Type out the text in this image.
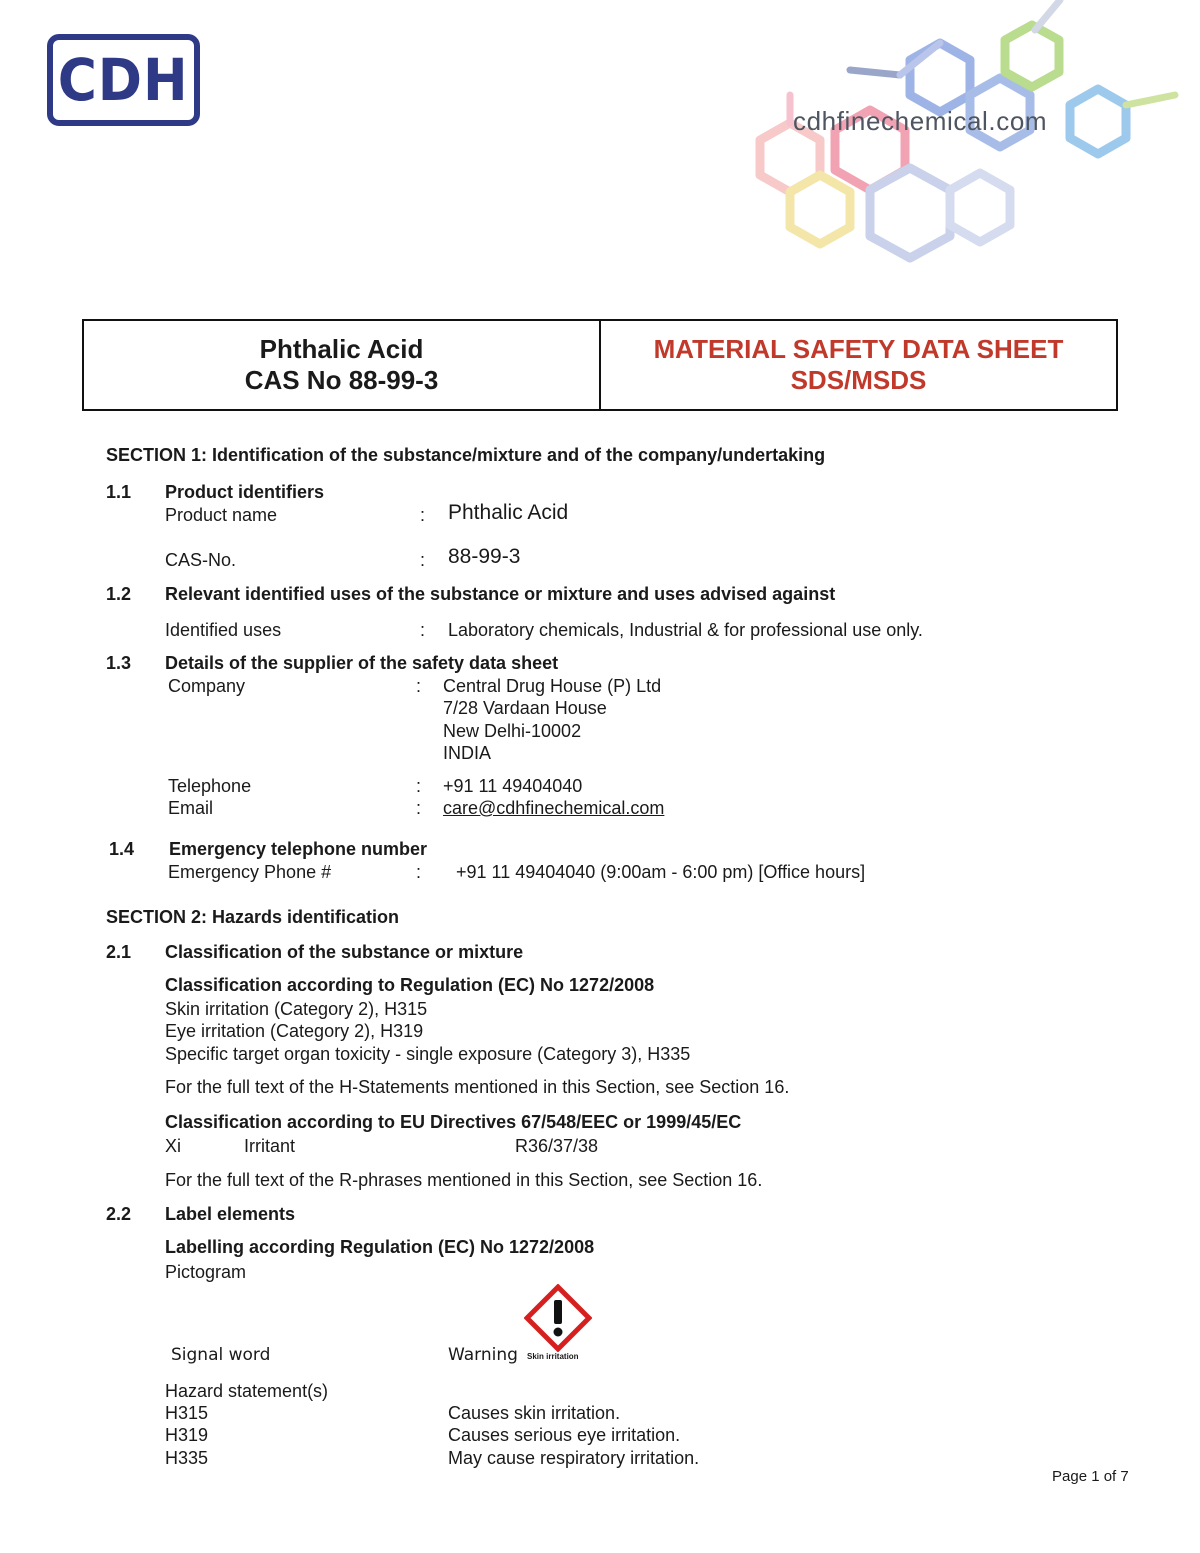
CDH
cdhfinechemical.com
Phthalic Acid
CAS No 88-99-3
MATERIAL SAFETY DATA SHEET
SDS/MSDS
SECTION 1: Identification of the substance/mixture and of the company/undertaking
1.1 Product identifiers
Product name	: Phthalic Acid
CAS-No.	: 88-99-3
1.2 Relevant identified uses of the substance or mixture and uses advised against
Identified uses	: Laboratory chemicals, Industrial & for professional use only.
1.3 Details of the supplier of the safety data sheet
Company	: Central Drug House (P) Ltd
7/28 Vardaan House
New Delhi-10002
INDIA
Telephone	: +91 11 49404040
Email	: care@cdhfinechemical.com
1.4 Emergency telephone number
Emergency Phone #	: +91 11 49404040 (9:00am - 6:00 pm) [Office hours]
SECTION 2: Hazards identification
2.1 Classification of the substance or mixture
Classification according to Regulation (EC) No 1272/2008
Skin irritation (Category 2), H315
Eye irritation (Category 2), H319
Specific target organ toxicity - single exposure (Category 3), H335
For the full text of the H-Statements mentioned in this Section, see Section 16.
Classification according to EU Directives 67/548/EEC or 1999/45/EC
Xi	Irritant	R36/37/38
For the full text of the R-phrases mentioned in this Section, see Section 16.
2.2 Label elements
Labelling according Regulation (EC) No 1272/2008
Pictogram
Signal word	Warning Skin irritation
Hazard statement(s)
H315	Causes skin irritation.
H319	Causes serious eye irritation.
H335	May cause respiratory irritation.
Page 1 of 7
